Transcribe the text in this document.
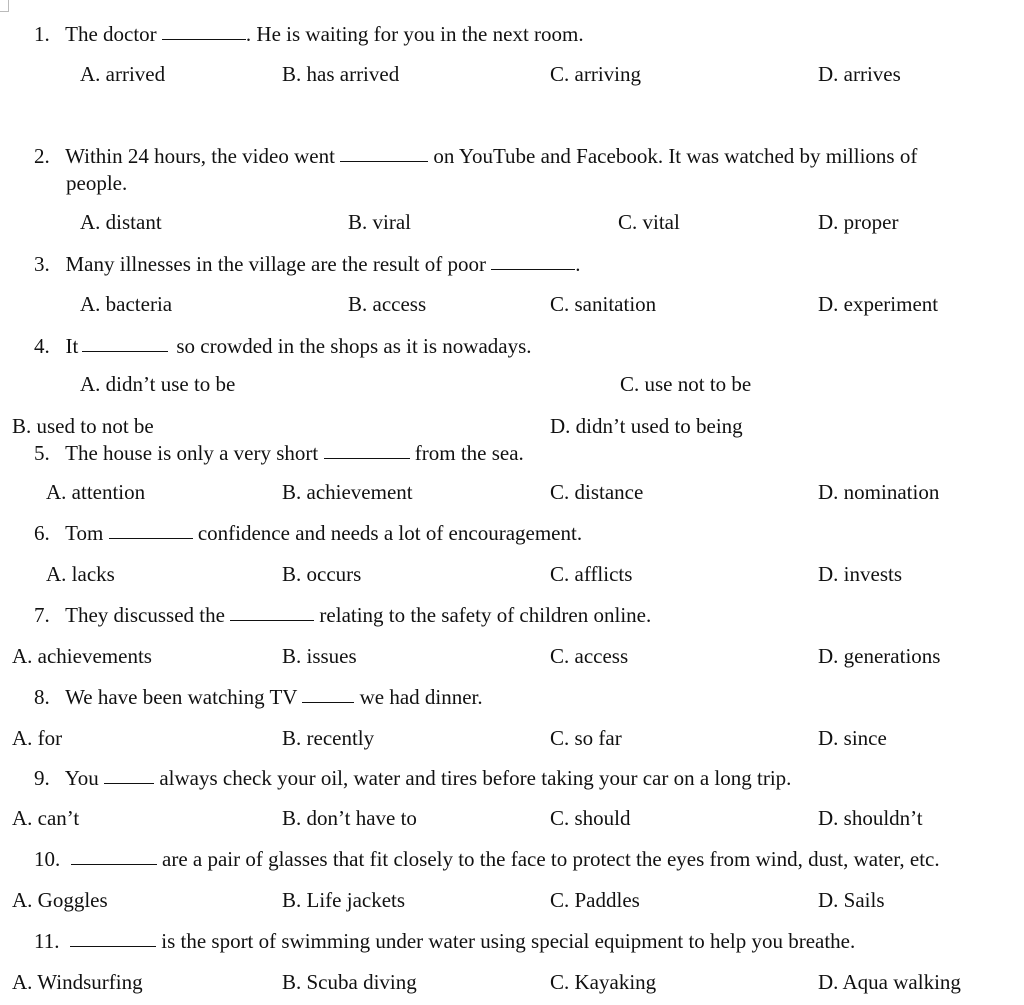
1. The doctor	. He is waiting for you in the next room.
A. arrived	B. has arrived	C. arriving	D. arrives
2. Within 24 hours, the video went	on YouTube and Facebook. It was watched by millions of
people.
A. distant	B. viral	C. vital	D. proper
3. Many illnesses in the village are the result of poor	.
A. bacteria	B. access	C. sanitation	D. experiment
4. It	so crowded in the shops as it is nowadays.
A. didn’t use to be	C. use not to be
B. used to not be	D. didn’t used to being
5. The house is only a very short	from the sea.
A. attention	B. achievement	C. distance	D. nomination
6. Tom	confidence and needs a lot of encouragement.
A. lacks	B. occurs	C. afflicts	D. invests
7. They discussed the	relating to the safety of children online.
A. achievements	B. issues	C. access	D. generations
8. We have been watching TV	we had dinner.
A. for	B. recently	C. so far	D. since
9. You	always check your oil, water and tires before taking your car on a long trip.
A. can’t	B. don’t have to	C. should	D. shouldn’t
10.	are a pair of glasses that fit closely to the face to protect the eyes from wind, dust, water, etc.
A. Goggles	B. Life jackets	C. Paddles	D. Sails
11.	is the sport of swimming under water using special equipment to help you breathe.
A. Windsurfing	B. Scuba diving	C. Kayaking	D. Aqua walking
